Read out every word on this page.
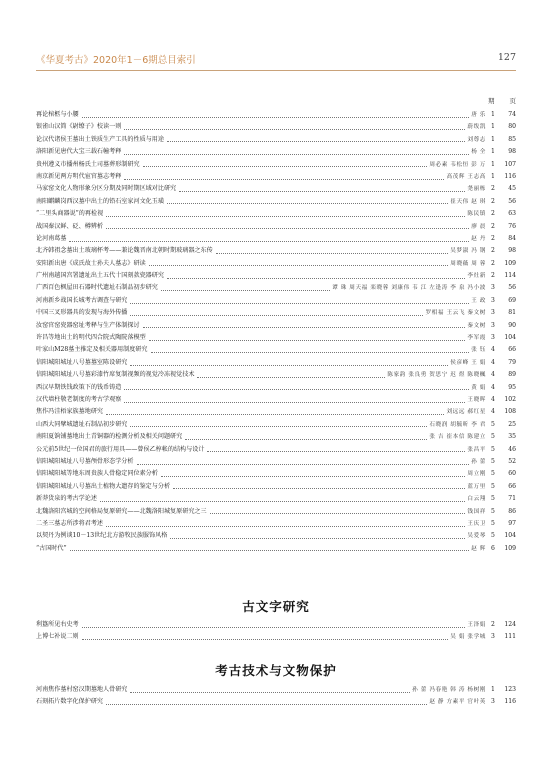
《华夏考古》2020年1－6期总目索引	127
期 页
再论棺柩与小腰	唐 乐 1	74
银雀山汉简《尉缭子》校读一则	蔚绂凯 1	80
论汉代诸侯王墓出土铁质生产工具的性质与用途	刘尊志 1	85
洛阳新见唐代大宝三载石幢考释	杨 全 1	98
贵州遵义市播州杨氏土司墓葬形制研究	周必素 韦松恒 彭 万 1	107
南京新见两方明代宦官墓志考释	高茂辉 王志高 1	116
马家窑文化人物形象分区分期及同时期区域对比研究	尧丽栋 2	45
南阳麒麟岗西汉墓中出土的铅石室家河文化玉璜	崔天伟 赵 琪 2	56
“二里头商器说”的再检视	陈民镇 2	63
战国秦汉鲜、砭、樽辨析	廖 晨 2	76
论河南葛墓	赵 丹 2	84
北齐韩祖念墓出土玻璃杯考——兼论魏晋南北朝时期玻璃器之东传	吴梦淑 冯 钢 2	98
安阳新出唐《成氏故士孙夫人墓志》研读	周晓薇 周 蓉 2	109
广州南越国宫署遗址出土五代十国刻款瓷器研究	李灶新 2	114
广西百色枫屋田石器时代遗址石制品初步研究	谭 珠 周天福 栾晓蓉 刘康伟 韦 江 左逢涛 李 泉 冯小波 3	56
河南新乡战国长城考古调查与研究	王 政 3	69
中国三叉形器具的发现与海外传播	罗相福 王云飞 秦文树 3	81
汝窑官窑瓷器窑址考释与生产体制探讨	秦文树 3	90
许昌等地出土的明代四合院式陶院落模型	李军霞 3	104
叶家山M28墓主推定及相关器用制度研究	张 钰 4	66
信阳城阳城址八号墓墓室陈设研究	侯彦峰 王 娟 4	79
信阳城阳城址八号墓彩漆竹席复制视频的视觉冷冻视觉技术	陈家韵 张良勇 贺思宁 迟 煜 陈晓楓 4	89
西汉早期铁钱政策下的钱币铸造	黄 娟 4	95
汉代墙柱敬老制度的考古学观察	王晓晖 4	102
焦作冯洼梧家族墓地研究	刘远远 郝红星 4	108
山西大同擘城遗址石制品初步研究	石晓润 胡毓昕 李 君 5	25
南阳夏饷铺墓地出土青铜器的检测分析及相关问题研究	张 吉 崔本信 陈建立 5	35
公元前5世纪一位国君的旅行用具——曾侯乙椁帐的结构与设计	张昌平 5	46
信阳城阳城址八号墓颅骨形态学分析	孙 蕾 5	52
信阳城阳城等地东周贵族人骨稳定同位素分析	周立刚 5	60
信阳城阳城址八号墓出土植物大遗存的鉴定与分析	蓝万里 5	66
新莽货泉的考古学论述	白云翔 5	71
北魏洛阳宫城的空间格局复原研究——北魏洛阳城复原研究之三	钱国祥 5	86
二圣三墓志所涉将君考述	王庆卫 5	97
以契丹为例谈10－13世纪北方游牧民族服饰风格	吴爱琴 5	104
“古国时代”	赵 辉 6	109
古文字研究
利簋所见右史考	王泽娟 2	124
上博七补说二则	吴 娟 张学城 3	111
考古技术与文物保护
河南焦作墓村窑汉期墓地人骨研究	孙 蕾 冯春艳 韩 涛 杨树刚 1	123
石刻拓片数字化保护研究	赵 静 方素平 官叶英 3	116
